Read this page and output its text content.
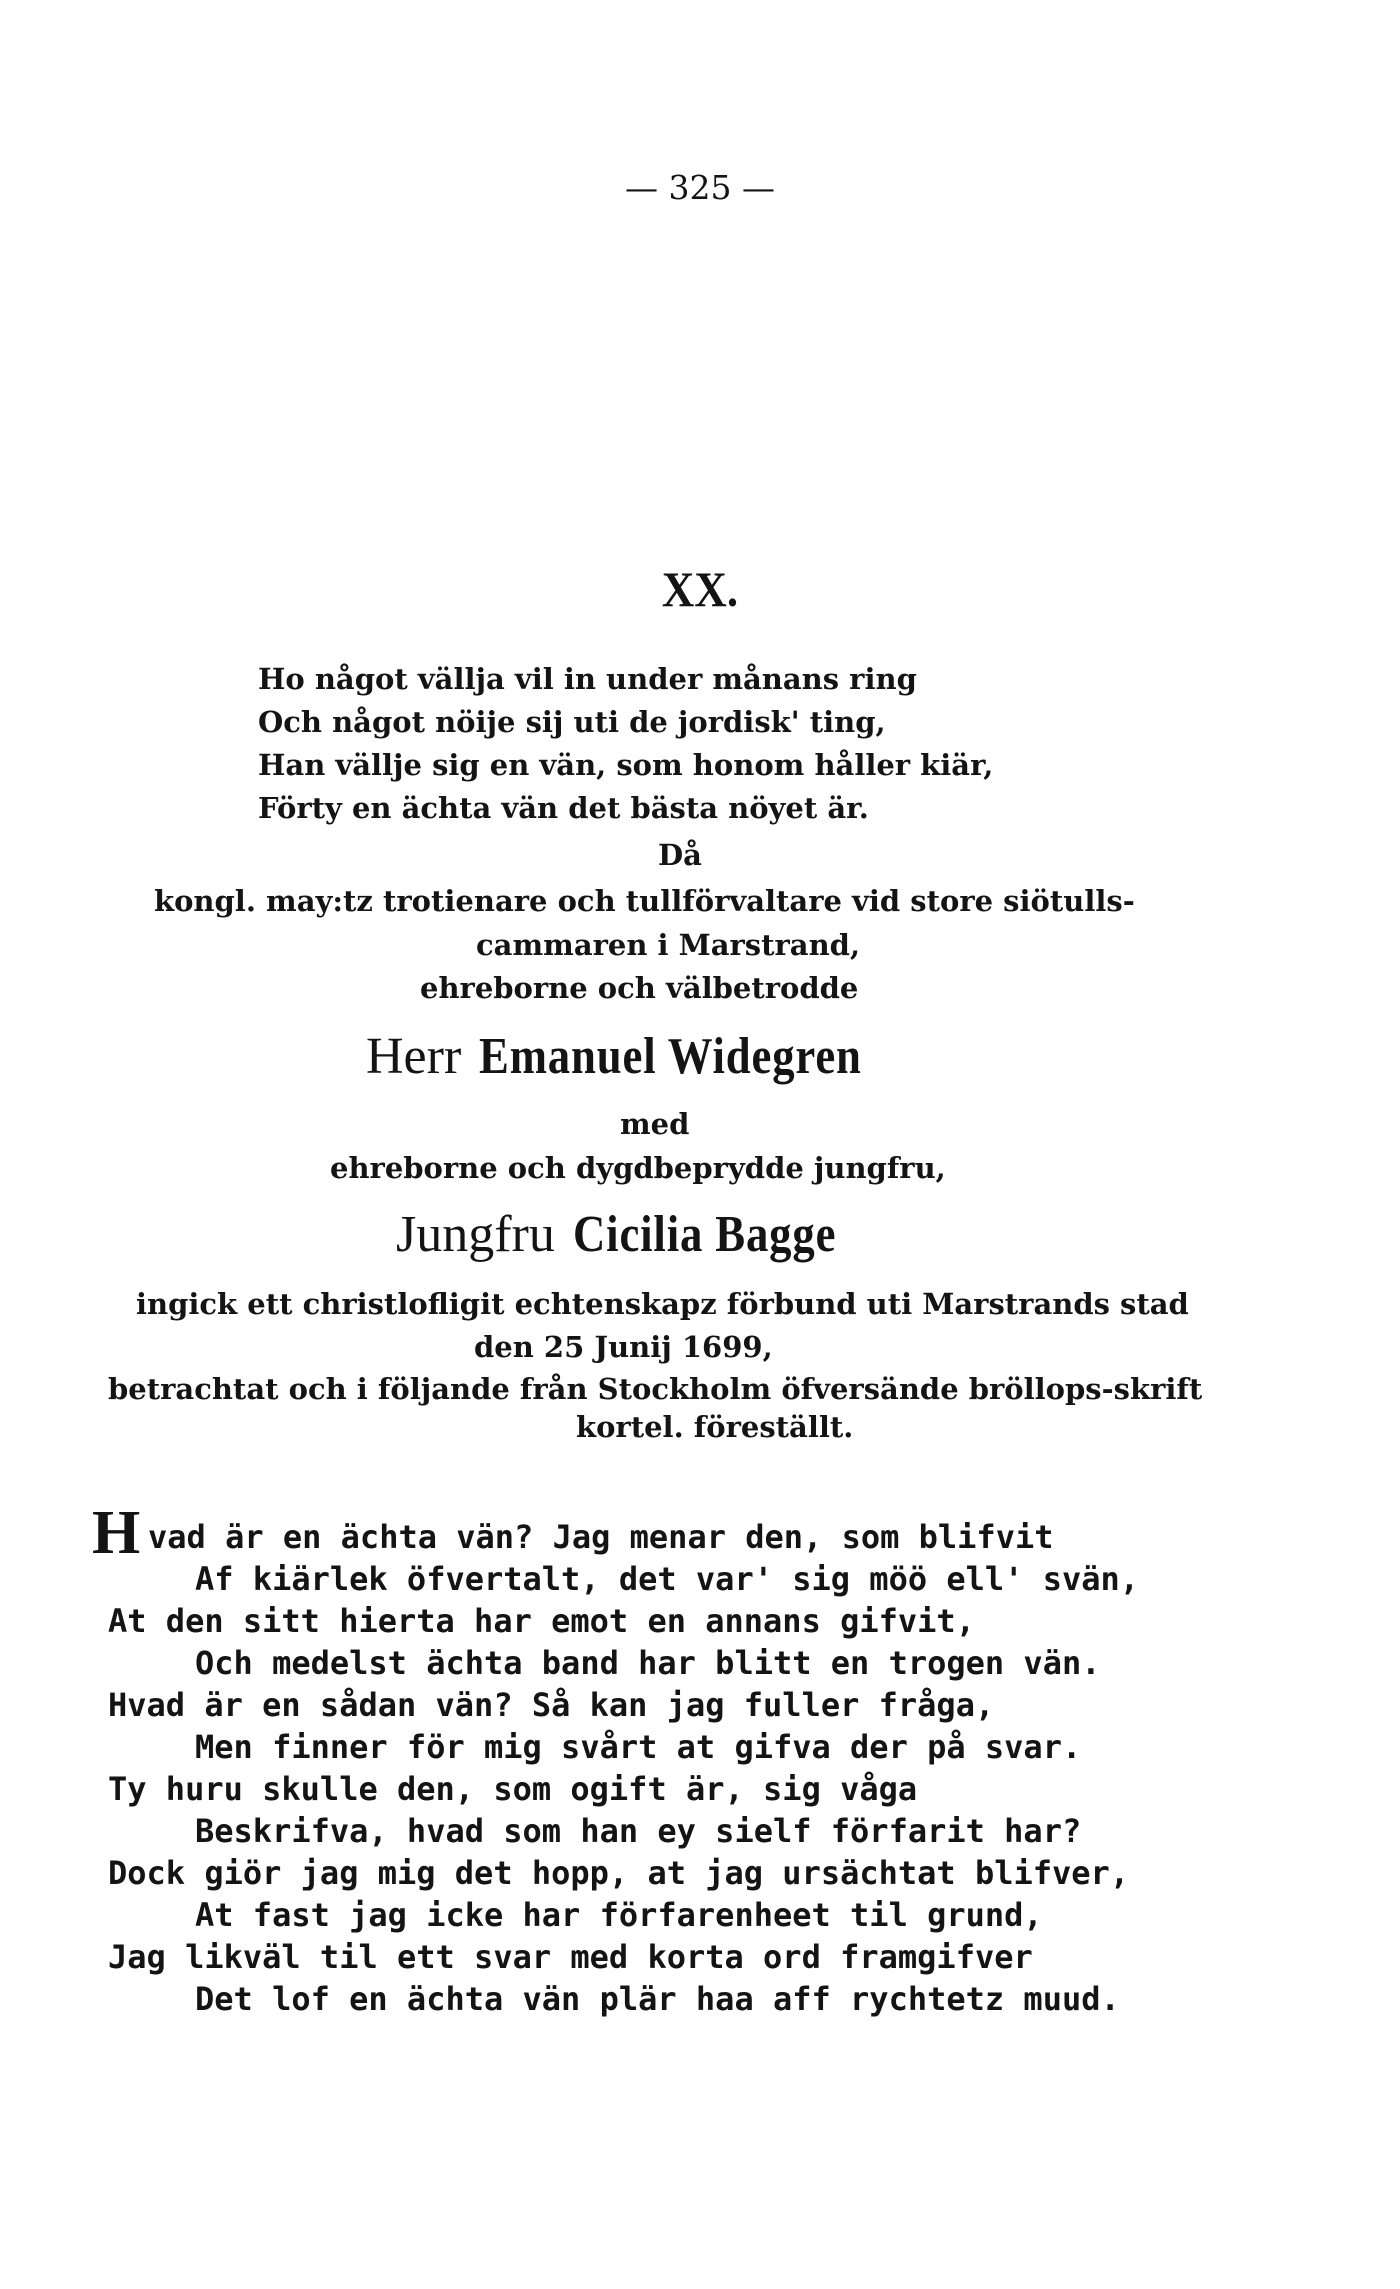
— 325 —
XX.
Ho något vällja vil in under månans ring
Och något nöije sij uti de jordisk' ting,
Han vällje sig en vän, som honom håller kiär,
Förty en ächta vän det bästa nöyet är.
Då
kongl. may:tz trotienare och tullförvaltare vid store siötulls-
cammaren i Marstrand,
ehreborne och välbetrodde
Herr Emanuel Widegren
med
ehreborne och dygdbeprydde jungfru,
Jungfru Cicilia Bagge
ingick ett christlofligit echtenskapz förbund uti Marstrands stad
den 25 Junij 1699,
betrachtat och i följande från Stockholm öfversände bröllops-skrift
kortel. föreställt.
H vad är en ächta vän? Jag menar den, som blifvit
Af kiärlek öfvertalt, det var' sig möö ell' svän,
At den sitt hierta har emot en annans gifvit,
Och medelst ächta band har blitt en trogen vän.
Hvad är en sådan vän? Så kan jag fuller fråga,
Men finner för mig svårt at gifva der på svar.
Ty huru skulle den, som ogift är, sig våga
Beskrifva, hvad som han ey sielf förfarit har?
Dock giör jag mig det hopp, at jag ursächtat blifver,
At fast jag icke har förfarenheet til grund,
Jag likväl til ett svar med korta ord framgifver
Det lof en ächta vän plär haa aff rychtetz muud.
